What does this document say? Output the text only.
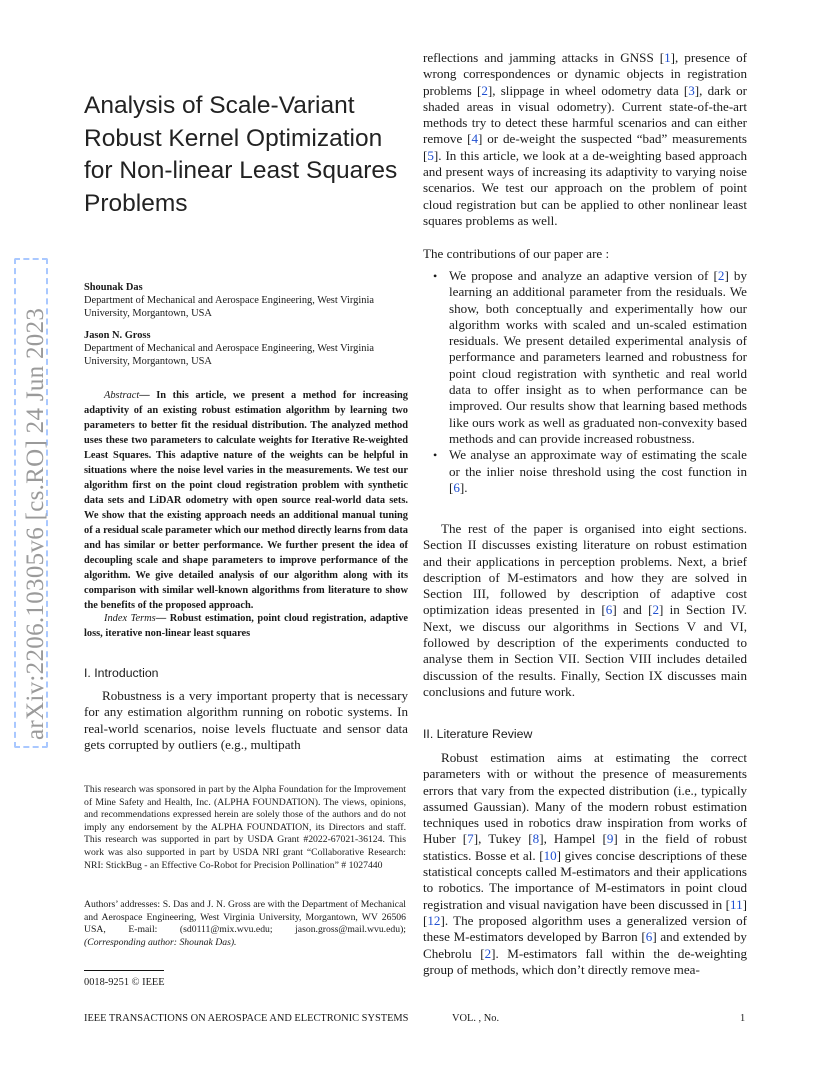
arXiv:2206.10305v6 [cs.RO] 24 Jun 2023
Analysis of Scale-Variant Robust Kernel Optimization for Non-linear Least Squares Problems
Shounak Das
Department of Mechanical and Aerospace Engineering, West Virginia University, Morgantown, USA
Jason N. Gross
Department of Mechanical and Aerospace Engineering, West Virginia University, Morgantown, USA
Abstract— In this article, we present a method for increasing adaptivity of an existing robust estimation algorithm by learning two parameters to better fit the residual distribution. The analyzed method uses these two parameters to calculate weights for Iterative Re-weighted Least Squares. This adaptive nature of the weights can be helpful in situations where the noise level varies in the measurements. We test our algorithm first on the point cloud registration problem with synthetic data sets and LiDAR odometry with open source real-world data sets. We show that the existing approach needs an additional manual tuning of a residual scale parameter which our method directly learns from data and has similar or better performance. We further present the idea of decoupling scale and shape parameters to improve performance of the algorithm. We give detailed analysis of our algorithm along with its comparison with similar well-known algorithms from literature to show the benefits of the proposed approach.
Index Terms— Robust estimation, point cloud registration, adaptive loss, iterative non-linear least squares
I. Introduction
Robustness is a very important property that is necessary for any estimation algorithm running on robotic systems. In real-world scenarios, noise levels fluctuate and sensor data gets corrupted by outliers (e.g., multipath
This research was sponsored in part by the Alpha Foundation for the Improvement of Mine Safety and Health, Inc. (ALPHA FOUNDATION). The views, opinions, and recommendations expressed herein are solely those of the authors and do not imply any endorsement by the ALPHA FOUNDATION, its Directors and staff. This research was supported in part by USDA Grant #2022-67021-36124. This work was also supported in part by USDA NRI grant “Collaborative Research: NRI: StickBug - an Effective Co-Robot for Precision Pollination” # 1027440
Authors’ addresses: S. Das and J. N. Gross are with the Department of Mechanical and Aerospace Engineering, West Virginia University, Morgantown, WV 26506 USA, E-mail: (sd0111@mix.wvu.edu; jason.gross@mail.wvu.edu); (Corresponding author: Shounak Das).
0018-9251 © IEEE
reflections and jamming attacks in GNSS [1], presence of wrong correspondences or dynamic objects in registration problems [2], slippage in wheel odometry data [3], dark or shaded areas in visual odometry). Current state-of-the-art methods try to detect these harmful scenarios and can either remove [4] or de-weight the suspected “bad” measurements [5]. In this article, we look at a de-weighting based approach and present ways of increasing its adaptivity to varying noise scenarios. We test our approach on the problem of point cloud registration but can be applied to other nonlinear least squares problems as well.
The contributions of our paper are :
• We propose and analyze an adaptive version of [2] by learning an additional parameter from the residuals. We show, both conceptually and experimentally how our algorithm works with scaled and un-scaled estimation residuals. We present detailed experimental analysis of performance and parameters learned and robustness for point cloud registration with synthetic and real world data to offer insight as to when performance can be improved. Our results show that learning based methods like ours work as well as graduated non-convexity based methods and can provide increased robustness.
• We analyse an approximate way of estimating the scale or the inlier noise threshold using the cost function in [6].
The rest of the paper is organised into eight sections. Section II discusses existing literature on robust estimation and their applications in perception problems. Next, a brief description of M-estimators and how they are solved in Section III, followed by description of adaptive cost optimization ideas presented in [6] and [2] in Section IV. Next, we discuss our algorithms in Sections V and VI, followed by description of the experiments conducted to analyse them in Section VII. Section VIII includes detailed discussion of the results. Finally, Section IX discusses main conclusions and future work.
II. Literature Review
Robust estimation aims at estimating the correct parameters with or without the presence of measurements errors that vary from the expected distribution (i.e., typically assumed Gaussian). Many of the modern robust estimation techniques used in robotics draw inspiration from works of Huber [7], Tukey [8], Hampel [9] in the field of robust statistics. Bosse et al. [10] gives concise descriptions of these statistical concepts called M-estimators and their applications to robotics. The importance of M-estimators in point cloud registration and visual navigation have been discussed in [11] [12]. The proposed algorithm uses a generalized version of these M-estimators developed by Barron [6] and extended by Chebrolu [2]. M-estimators fall within the de-weighting group of methods, which don’t directly remove mea-
IEEE TRANSACTIONS ON AEROSPACE AND ELECTRONIC SYSTEMS	VOL. , No.	1
